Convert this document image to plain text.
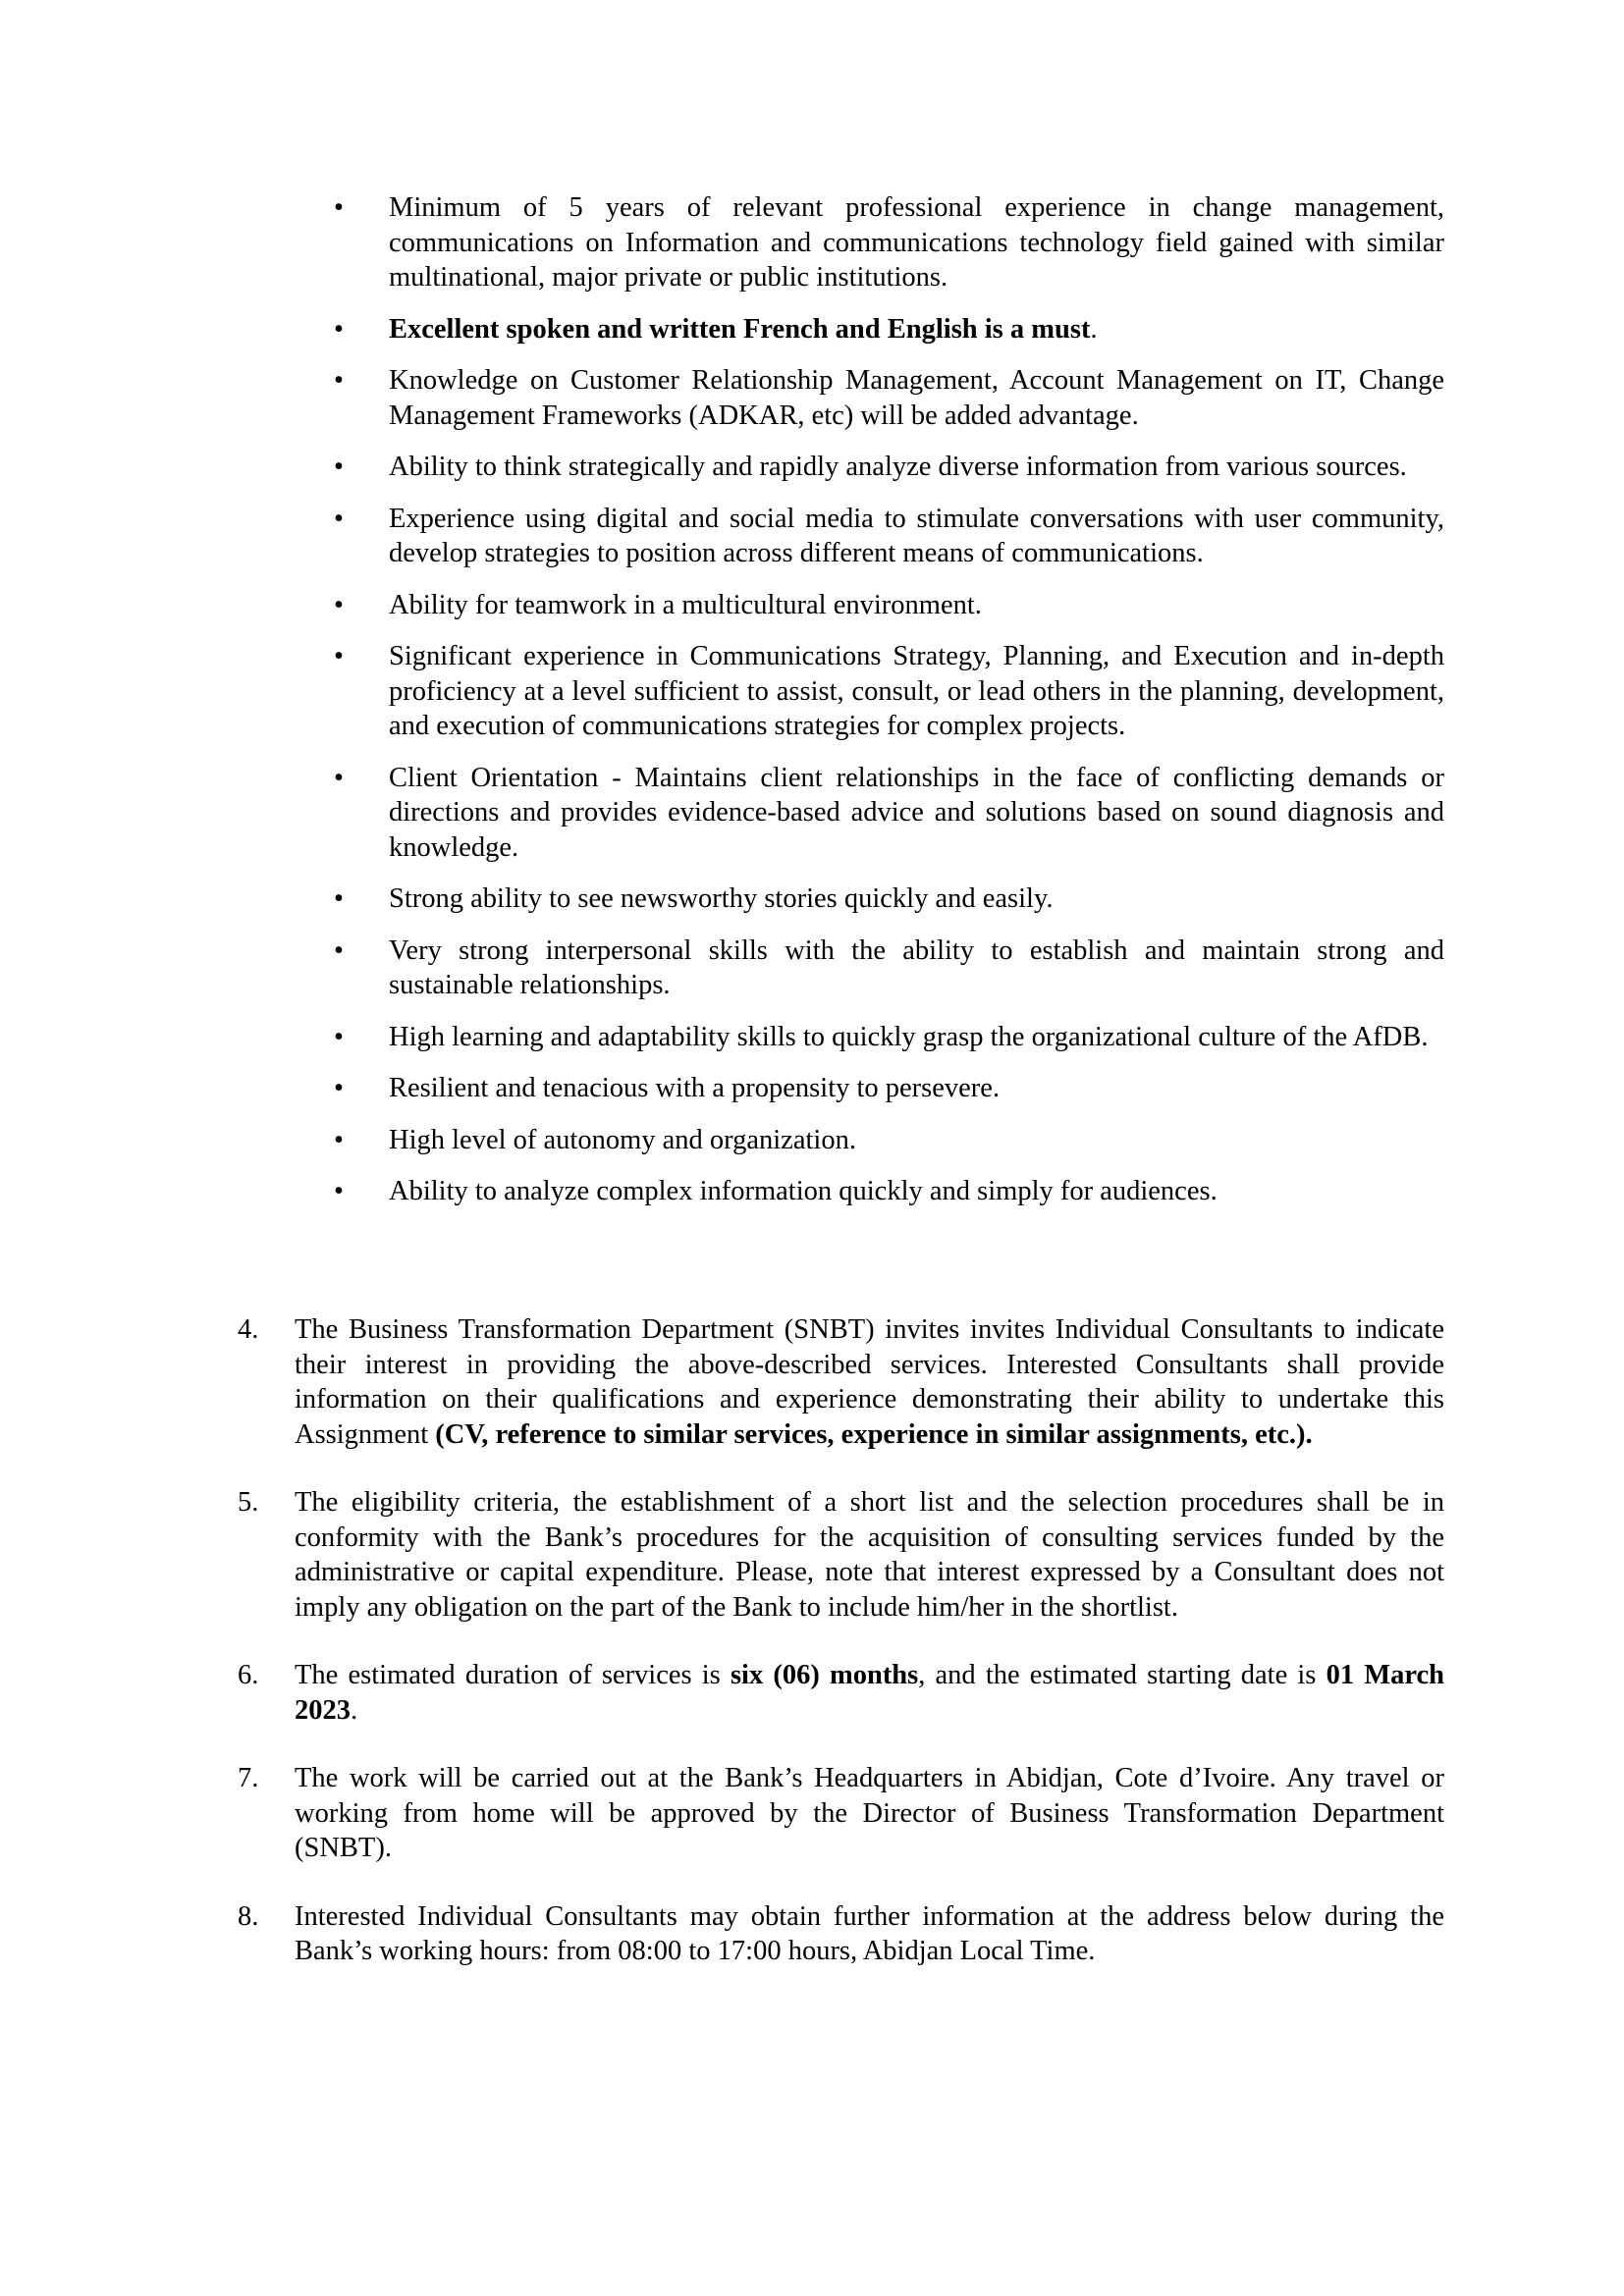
•	Minimum of 5 years of relevant professional experience in change management, communications on Information and communications technology field gained with similar multinational, major private or public institutions.
•	Excellent spoken and written French and English is a must.
•	Knowledge on Customer Relationship Management, Account Management on IT, Change Management Frameworks (ADKAR, etc) will be added advantage.
•	Ability to think strategically and rapidly analyze diverse information from various sources.
•	Experience using digital and social media to stimulate conversations with user community, develop strategies to position across different means of communications.
•	Ability for teamwork in a multicultural environment.
•	Significant experience in Communications Strategy, Planning, and Execution and in-depth proficiency at a level sufficient to assist, consult, or lead others in the planning, development, and execution of communications strategies for complex projects.
•	Client Orientation - Maintains client relationships in the face of conflicting demands or directions and provides evidence-based advice and solutions based on sound diagnosis and knowledge.
•	Strong ability to see newsworthy stories quickly and easily.
•	Very strong interpersonal skills with the ability to establish and maintain strong and sustainable relationships.
•	High learning and adaptability skills to quickly grasp the organizational culture of the AfDB.
•	Resilient and tenacious with a propensity to persevere.
•	High level of autonomy and organization.
•	Ability to analyze complex information quickly and simply for audiences.
4.	The Business Transformation Department (SNBT) invites invites Individual Consultants to indicate their interest in providing the above-described services. Interested Consultants shall provide information on their qualifications and experience demonstrating their ability to undertake this Assignment (CV, reference to similar services, experience in similar assignments, etc.).
5.	The eligibility criteria, the establishment of a short list and the selection procedures shall be in conformity with the Bank’s procedures for the acquisition of consulting services funded by the administrative or capital expenditure. Please, note that interest expressed by a Consultant does not imply any obligation on the part of the Bank to include him/her in the shortlist.
6.	The estimated duration of services is six (06) months, and the estimated starting date is 01 March 2023.
7.	The work will be carried out at the Bank’s Headquarters in Abidjan, Cote d’Ivoire. Any travel or working from home will be approved by the Director of Business Transformation Department (SNBT).
8.	Interested Individual Consultants may obtain further information at the address below during the Bank’s working hours: from 08:00 to 17:00 hours, Abidjan Local Time.
